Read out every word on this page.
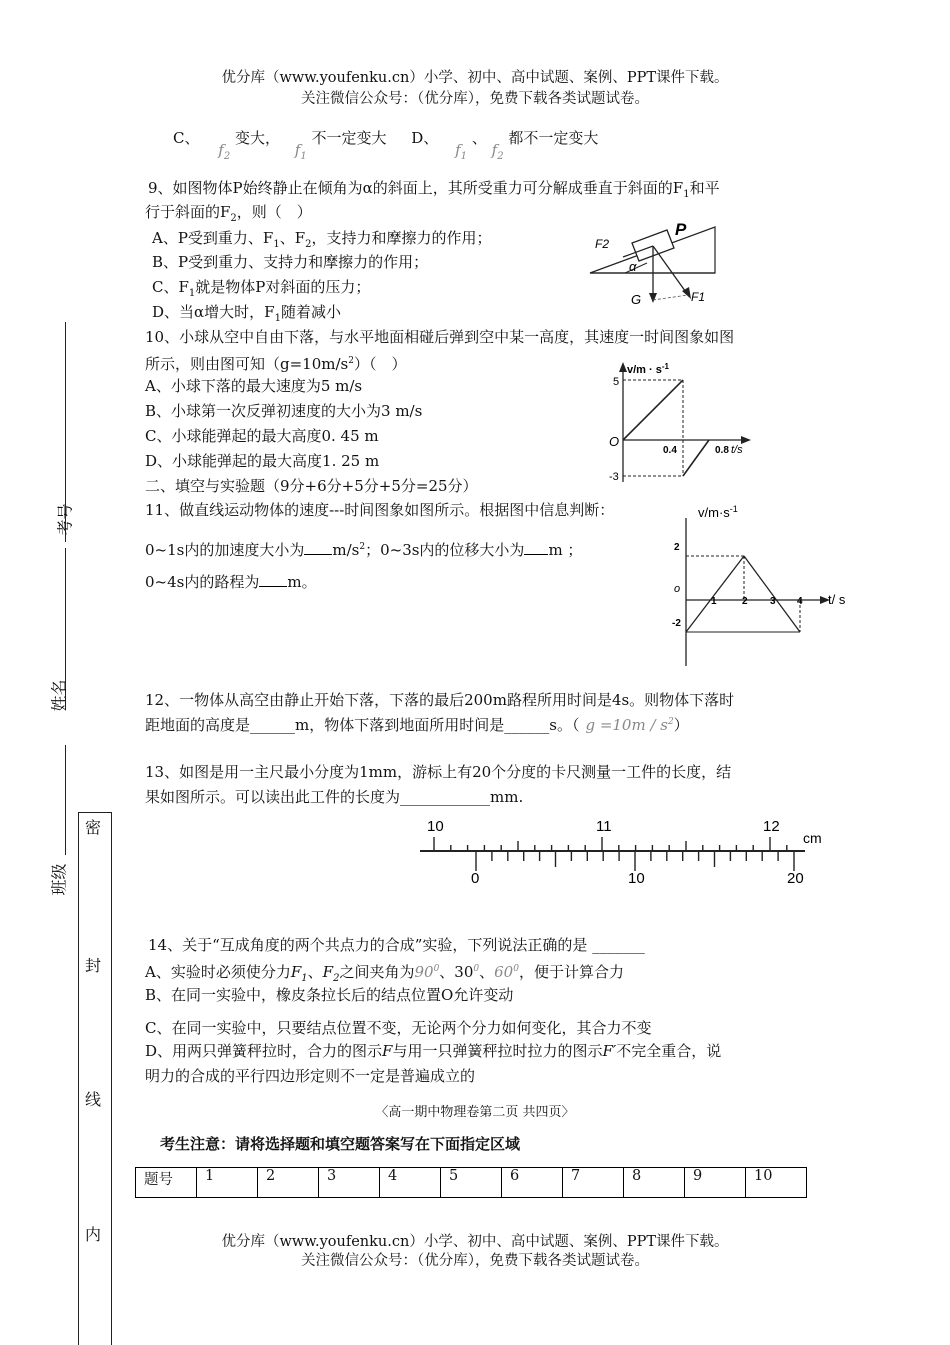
优分库（www.youfenku.cn）小学、初中、高中试题、案例、PPT课件下载。
关注微信公众号：（优分库），免费下载各类试题试卷。
C、 $f_2$ 变大， $f_1$ 不一定变大 D、 $f_1$ 、 $f_2$ 都不一定变大
9、如图物体P始终静止在倾角为α的斜面上，其所受重力可分解成垂直于斜面的$F_1$和平
行于斜面的$F_2$，则（　）
A、P受到重力、$F_1$、$F_2$，支持力和摩擦力的作用；
B、P受到重力、支持力和摩擦力的作用；
C、$F_1$就是物体P对斜面的压力；
D、当α增大时，$F_1$随着减小
P
F2
α
G	F1
10、小球从空中自由下落，与水平地面相碰后弹到空中某一高度，其速度一时间图象如图
所示，则由图可知$(g=10m/s^2)$（　）
A、小球下落的最大速度为5 m/s
B、小球第一次反弹初速度的大小为3 m/s
C、小球能弹起的最大高度0. 45 m
D、小球能弹起的最大高度1. 25 m
$v/m \cdot s^{-1}$
5
-3
O
0.4	0.8 t/s
二、填空与实验题（9分+6分+5分+5分=25分）
11、做直线运动物体的速度---时间图象如图所示。根据图中信息判断：
0~1s内的加速度大小为 $m/s^2$；0~3s内的位移大小为 m ；
0~4s内的路程为 m。
$v/m\cdot s^{-1}$
2
-2
o
1	2 3 4 t/ s
12、一物体从高空由静止开始下落，下落的最后200m路程所用时间是4s。则物体下落时
距地面的高度是______m，物体下落到地面所用时间是______s。（ $g =10m / s^2$）
13、如图是用一主尺最小分度为1mm，游标上有20个分度的卡尺测量一工件的长度，结
果如图所示。可以读出此工件的长度为____________mm.
10	11	12
cm
0	10	20
14、关于“互成角度的两个共点力的合成”实验，下列说法正确的是 _______
A、实验时必须使分力$F_1$、$F_2$之间夹角为$90^0$、$30^0$、$60^0$，便于计算合力
B、在同一实验中，橡皮条拉长后的结点位置O允许变动
C、在同一实验中，只要结点位置不变，无论两个分力如何变化，其合力不变
D、用两只弹簧秤拉时，合力的图示F与用一只弹簧秤拉时拉力的图示F′不完全重合，说
明力的合成的平行四边形定则不一定是普遍成立的
〈高一期中物理卷第二页 共四页〉
考生注意：请将选择题和填空题答案写在下面指定区域
题号	1	2	3	4	5	6	7	8	9	10
优分库（www.youfenku.cn）小学、初中、高中试题、案例、PPT课件下载。
关注微信公众号：（优分库），免费下载各类试题试卷。
考号
姓名
班级
密
封
线
内
